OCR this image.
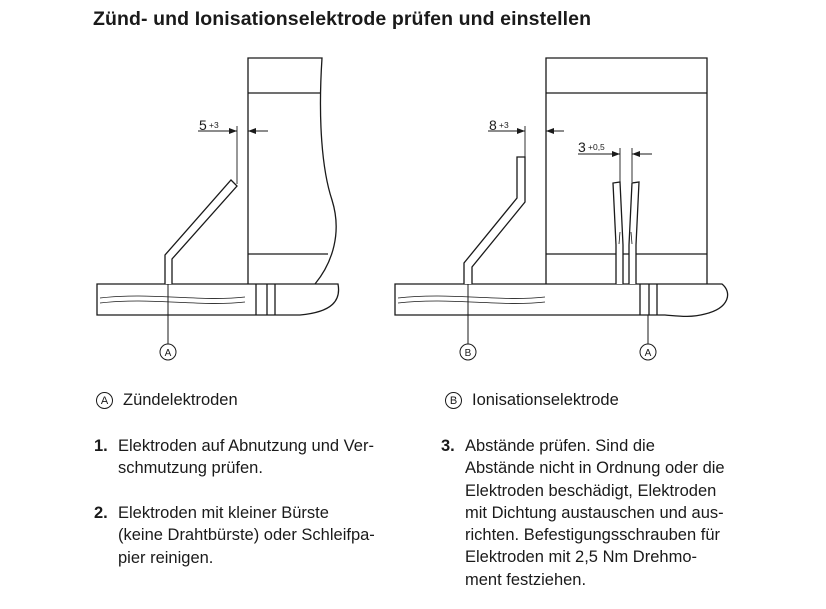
Zünd- und Ionisationselektrode prüfen und einstellen
5 +3
A
8 +3
3 +0,5
B	A
A Zündelektroden	B Ionisationselektrode
1. Elektroden auf Abnutzung und Ver-
schmutzung prüfen.
2. Elektroden mit kleiner Bürste
(keine Drahtbürste) oder Schleifpa-
pier reinigen.
3. Abstände prüfen. Sind die
Abstände nicht in Ordnung oder die
Elektroden beschädigt, Elektroden
mit Dichtung austauschen und aus-
richten. Befestigungsschrauben für
Elektroden mit 2,5 Nm Drehmo-
ment festziehen.
